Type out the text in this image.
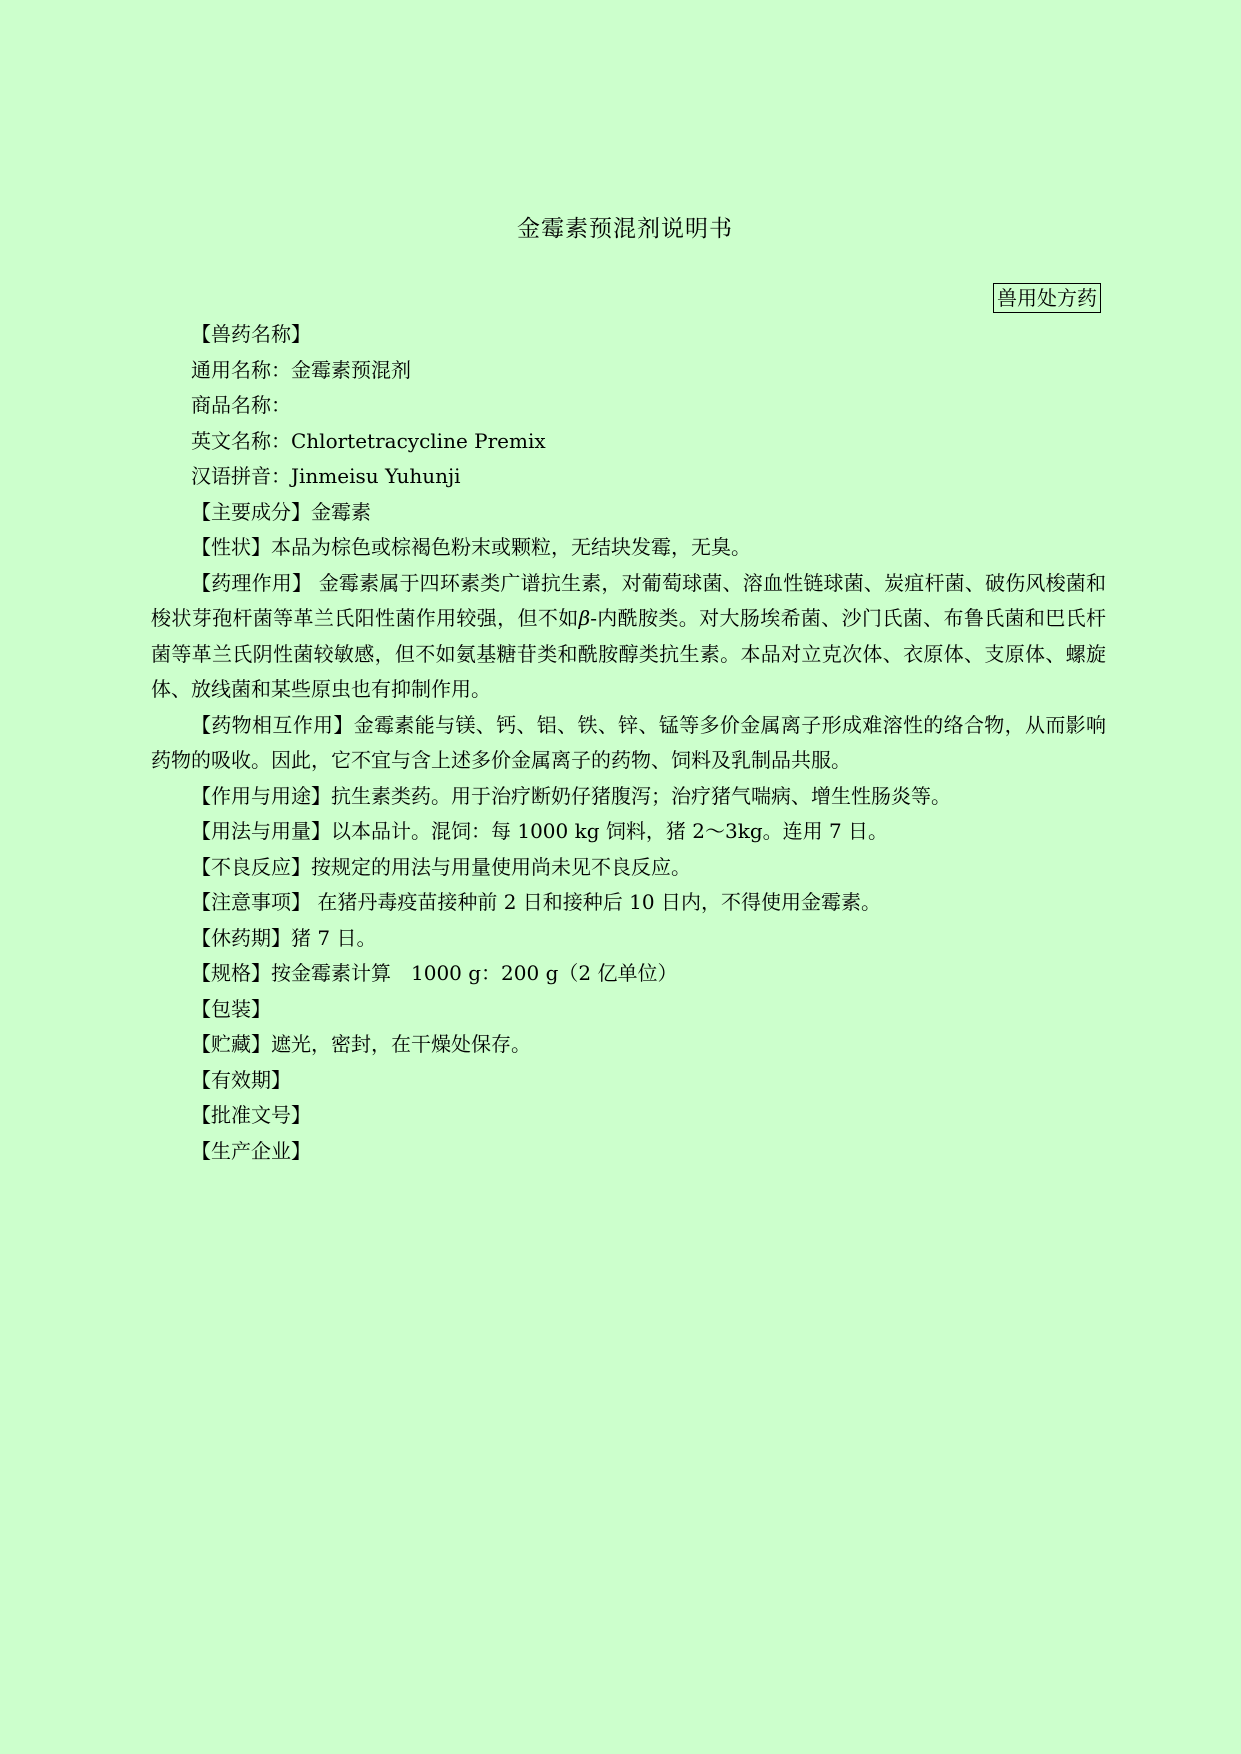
金霉素预混剂说明书
兽用处方药

【兽药名称】

通用名称：金霉素预混剂

商品名称：

英文名称：Chlortetracycline Premix

汉语拼音：Jinmeisu Yuhunji

【主要成分】金霉素

【性状】本品为棕色或棕褐色粉末或颗粒，无结块发霉，无臭。

【药理作用】 金霉素属于四环素类广谱抗生素，对葡萄球菌、溶血性链球菌、炭疽杆菌、破伤风梭菌和梭状芽孢杆菌等革兰氏阳性菌作用较强，但不如β-内酰胺类。对大肠埃希菌、沙门氏菌、布鲁氏菌和巴氏杆菌等革兰氏阴性菌较敏感，但不如氨基糖苷类和酰胺醇类抗生素。本品对立克次体、衣原体、支原体、螺旋体、放线菌和某些原虫也有抑制作用。

【药物相互作用】金霉素能与镁、钙、铝、铁、锌、锰等多价金属离子形成难溶性的络合物，从而影响药物的吸收。因此，它不宜与含上述多价金属离子的药物、饲料及乳制品共服。

【作用与用途】抗生素类药。用于治疗断奶仔猪腹泻；治疗猪气喘病、增生性肠炎等。

【用法与用量】以本品计。混饲：每 1000 kg 饲料，猪 2～3kg。连用 7 日。

【不良反应】按规定的用法与用量使用尚未见不良反应。

【注意事项】 在猪丹毒疫苗接种前 2 日和接种后 10 日内，不得使用金霉素。

【休药期】猪 7 日。

【规格】按金霉素计算　1000 g：200 g（2 亿单位）

【包装】

【贮藏】遮光，密封，在干燥处保存。

【有效期】

【批准文号】

【生产企业】
